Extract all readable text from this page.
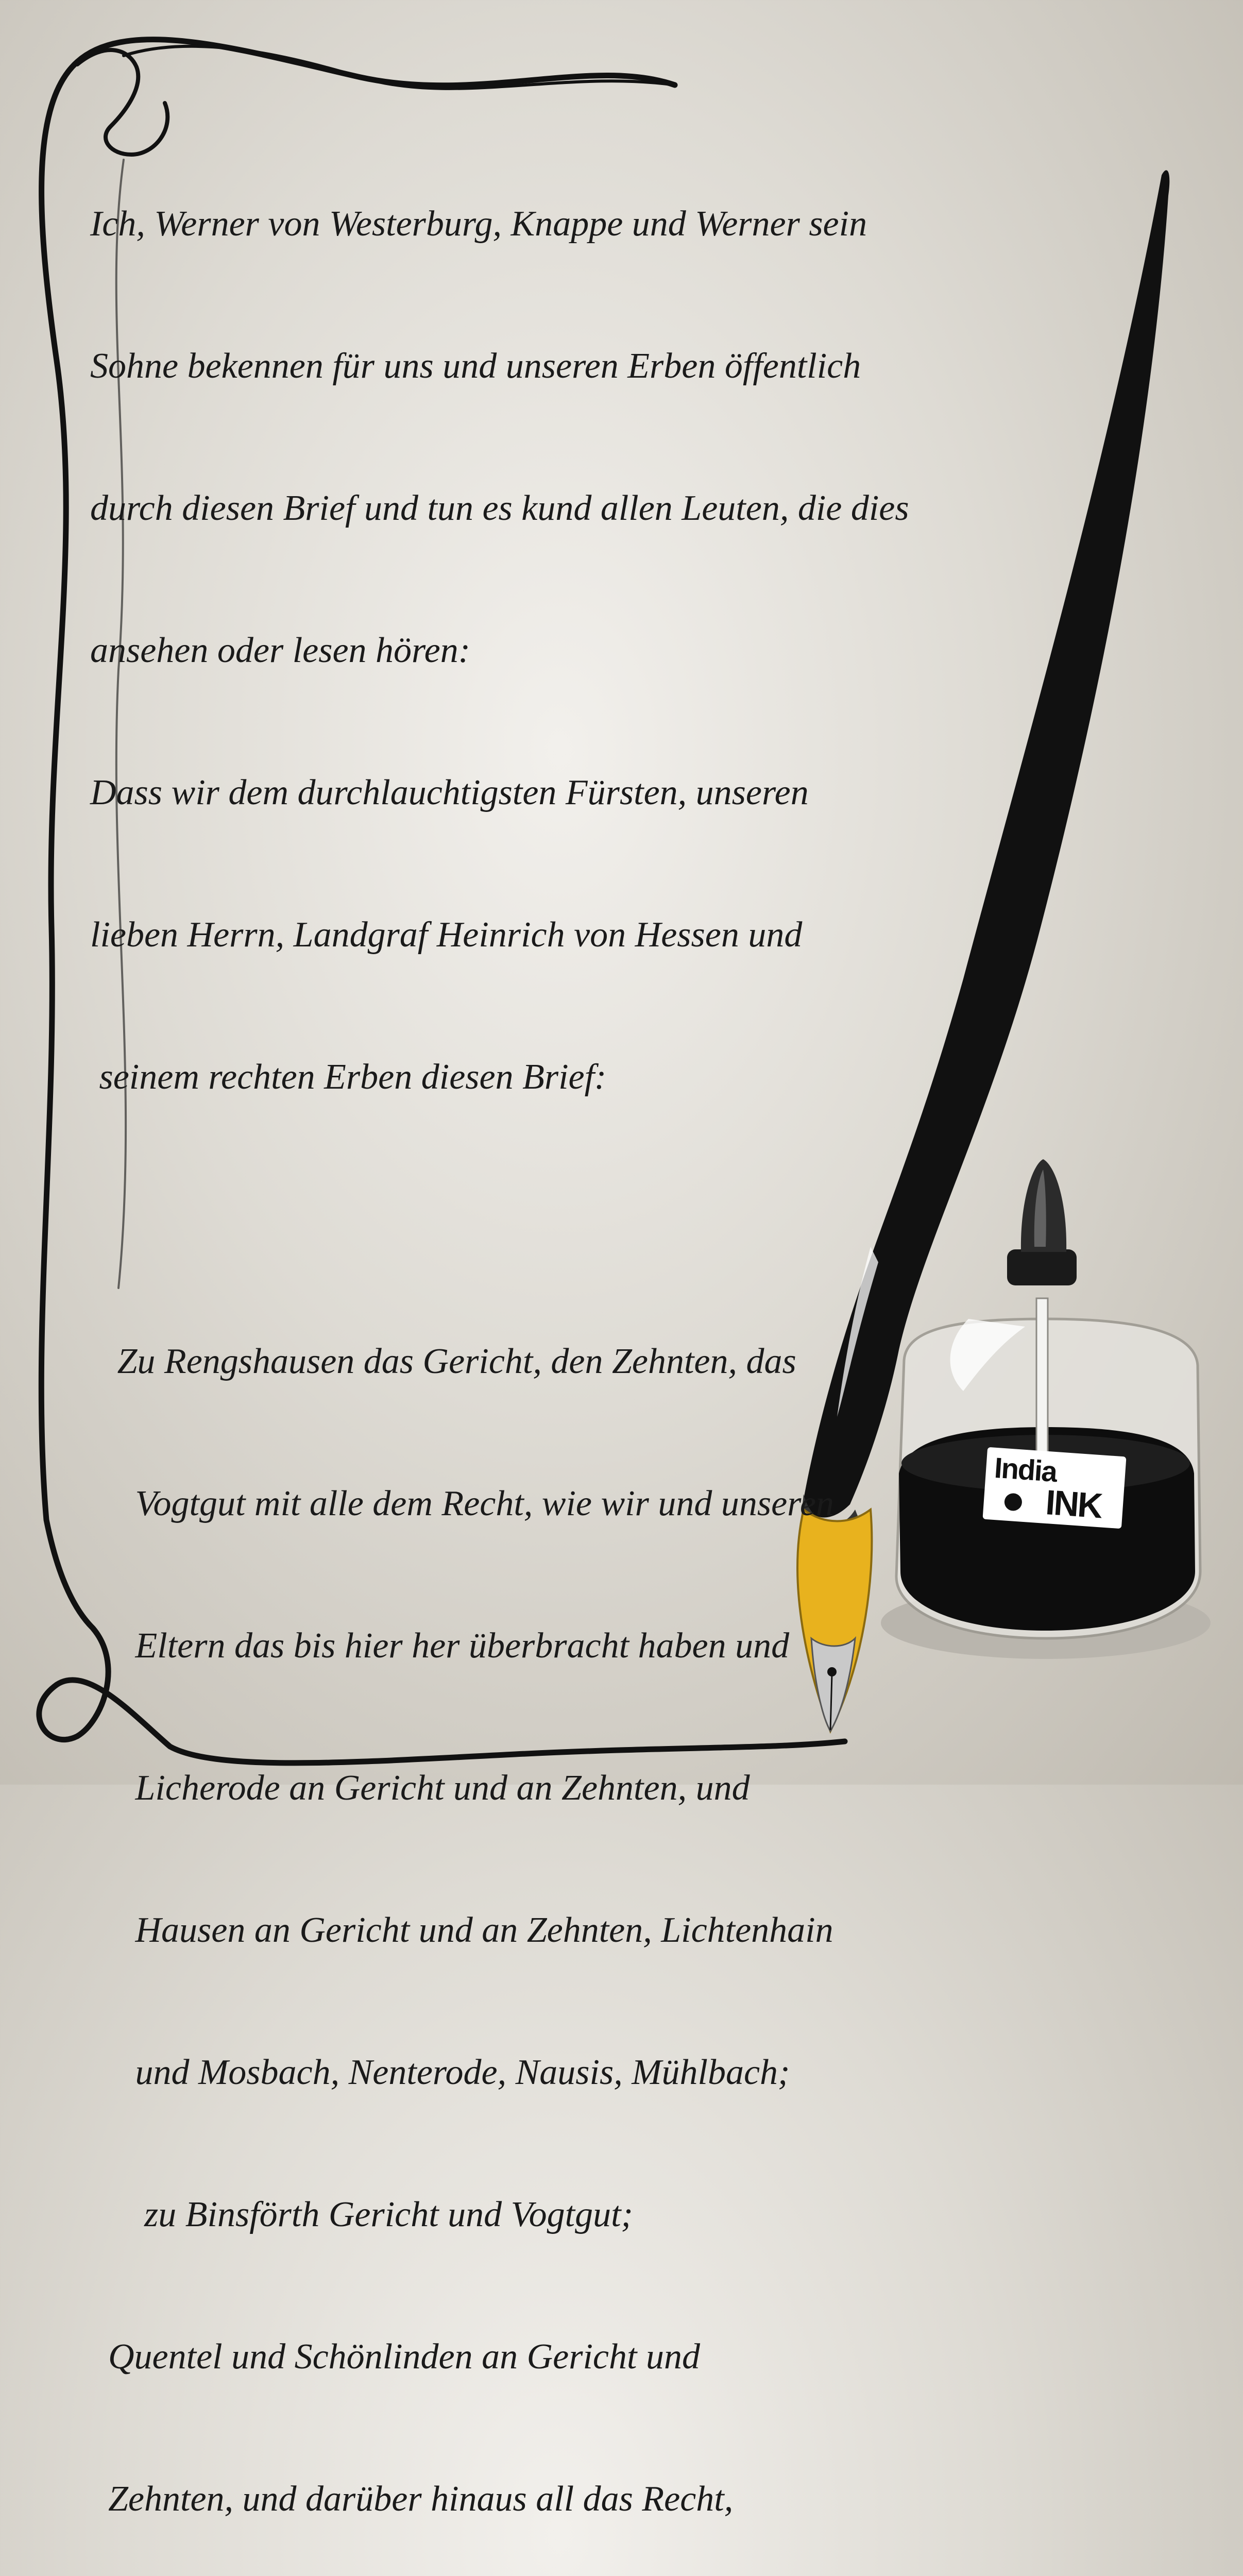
India
INK

Ich, Werner von Westerburg, Knappe und Werner sein

Sohne bekennen für uns und unseren Erben öffentlich

durch diesen Brief und tun es kund allen Leuten, die dies

ansehen oder lesen hören:

Dass wir dem durchlauchtigsten Fürsten, unseren

lieben Herrn, Landgraf Heinrich von Hessen und

seinem rechten Erben diesen Brief:

Zu Rengshausen das Gericht, den Zehnten, das

Vogtgut mit alle dem Recht, wie wir und unseren

Eltern das bis hier her überbracht haben und

Licherode an Gericht und an Zehnten, und

Hausen an Gericht und an Zehnten, Lichtenhain

und Mosbach, Nenterode, Nausis, Mühlbach;

zu Binsförth Gericht und Vogtgut;

Quentel und Schönlinden an Gericht und

Zehnten, und darüber hinaus all das Recht,
